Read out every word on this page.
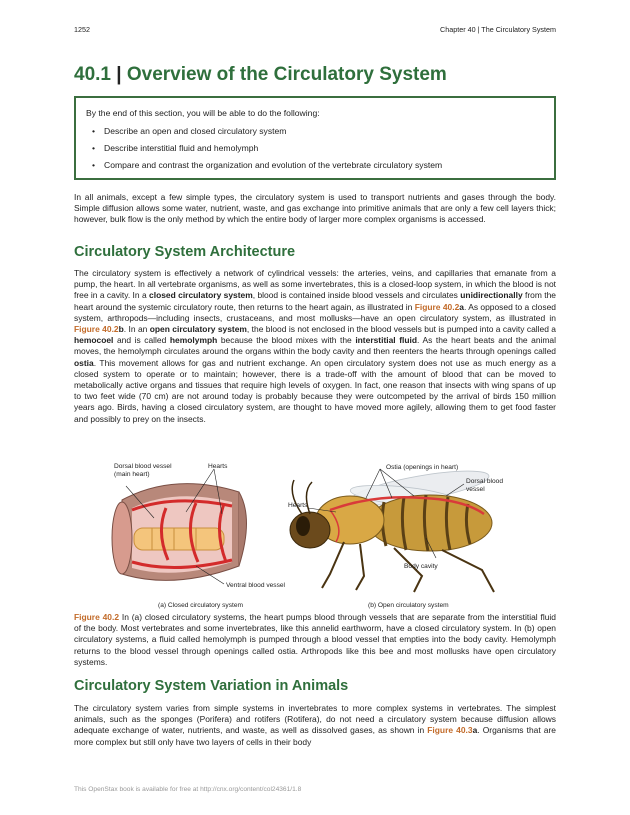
1252	Chapter 40 | The Circulatory System
40.1 | Overview of the Circulatory System
By the end of this section, you will be able to do the following:
• Describe an open and closed circulatory system
• Describe interstitial fluid and hemolymph
• Compare and contrast the organization and evolution of the vertebrate circulatory system

In all animals, except a few simple types, the circulatory system is used to transport nutrients and gases through the body. Simple diffusion allows some water, nutrient, waste, and gas exchange into primitive animals that are only a few cell layers thick; however, bulk flow is the only method by which the entire body of larger more complex organisms is accessed.

Circulatory System Architecture

The circulatory system is effectively a network of cylindrical vessels: the arteries, veins, and capillaries that emanate from a pump, the heart. In all vertebrate organisms, as well as some invertebrates, this is a closed-loop system, in which the blood is not free in a cavity. In a closed circulatory system, blood is contained inside blood vessels and circulates unidirectionally from the heart around the systemic circulatory route, then returns to the heart again, as illustrated in Figure 40.2a. As opposed to a closed system, arthropods—including insects, crustaceans, and most mollusks—have an open circulatory system, as illustrated in Figure 40.2b. In an open circulatory system, the blood is not enclosed in the blood vessels but is pumped into a cavity called a hemocoel and is called hemolymph because the blood mixes with the interstitial fluid. As the heart beats and the animal moves, the hemolymph circulates around the organs within the body cavity and then reenters the hearts through openings called ostia. This movement allows for gas and nutrient exchange. An open circulatory system does not use as much energy as a closed system to operate or to maintain; however, there is a trade-off with the amount of blood that can be moved to metabolically active organs and tissues that require high levels of oxygen. In fact, one reason that insects with wing spans of up to two feet wide (70 cm) are not around today is probably because they were outcompeted by the arrival of birds 150 million years ago. Birds, having a closed circulatory system, are thought to have moved more agilely, allowing them to get food faster and possibly to prey on the insects.

Dorsal blood vessel
(main heart)
Hearts
Ventral blood vessel
Ostia (openings in heart)
Dorsal blood
vessel
Hearts
Body cavity
(a) Closed circulatory system	(b) Open circulatory system

Figure 40.2 In (a) closed circulatory systems, the heart pumps blood through vessels that are separate from the interstitial fluid of the body. Most vertebrates and some invertebrates, like this annelid earthworm, have a closed circulatory system. In (b) open circulatory systems, a fluid called hemolymph is pumped through a blood vessel that empties into the body cavity. Hemolymph returns to the blood vessel through openings called ostia. Arthropods like this bee and most mollusks have open circulatory systems.

Circulatory System Variation in Animals

The circulatory system varies from simple systems in invertebrates to more complex systems in vertebrates. The simplest animals, such as the sponges (Porifera) and rotifers (Rotifera), do not need a circulatory system because diffusion allows adequate exchange of water, nutrients, and waste, as well as dissolved gases, as shown in Figure 40.3a. Organisms that are more complex but still only have two layers of cells in their body

This OpenStax book is available for free at http://cnx.org/content/col24361/1.8
